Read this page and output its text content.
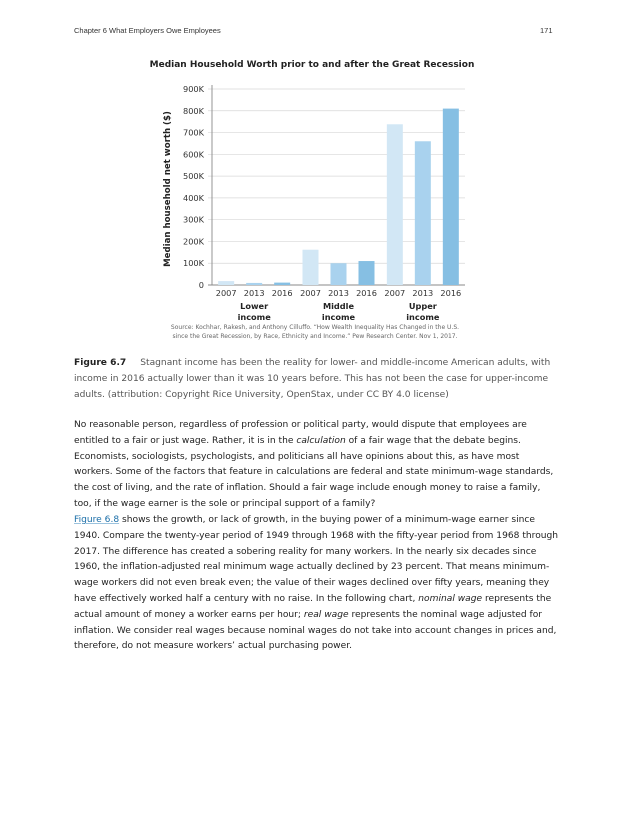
Chapter 6 What Employers Owe Employees	171
Median Household Worth prior to and after the Great Recession
Median household net worth ($)
0
100K
200K
300K
400K
500K
600K
700K
800K
900K
2007 2013 2016
Lower
income
2007 2013 2016
Middle
income
2007 2013 2016
Upper
income
Source: Kochhar, Rakesh, and Anthony Cilluffo. “How Wealth Inequality Has Changed in the U.S.
since the Great Recession, by Race, Ethnicity and Income.” Pew Research Center. Nov 1, 2017.
Figure 6.7 Stagnant income has been the reality for lower- and middle-income American adults, with income in 2016 actually lower than it was 10 years before. This has not been the case for upper-income adults. (attribution: Copyright Rice University, OpenStax, under CC BY 4.0 license)
No reasonable person, regardless of profession or political party, would dispute that employees are entitled to a fair or just wage. Rather, it is in the calculation of a fair wage that the debate begins. Economists, sociologists, psychologists, and politicians all have opinions about this, as have most workers. Some of the factors that feature in calculations are federal and state minimum-wage standards, the cost of living, and the rate of inflation. Should a fair wage include enough money to raise a family, too, if the wage earner is the sole or principal support of a family?
Figure 6.8 shows the growth, or lack of growth, in the buying power of a minimum-wage earner since 1940. Compare the twenty-year period of 1949 through 1968 with the fifty-year period from 1968 through 2017. The difference has created a sobering reality for many workers. In the nearly six decades since 1960, the inflation-adjusted real minimum wage actually declined by 23 percent. That means minimum-wage workers did not even break even; the value of their wages declined over fifty years, meaning they have effectively worked half a century with no raise. In the following chart, nominal wage represents the actual amount of money a worker earns per hour; real wage represents the nominal wage adjusted for inflation. We consider real wages because nominal wages do not take into account changes in prices and, therefore, do not measure workers’ actual purchasing power.
